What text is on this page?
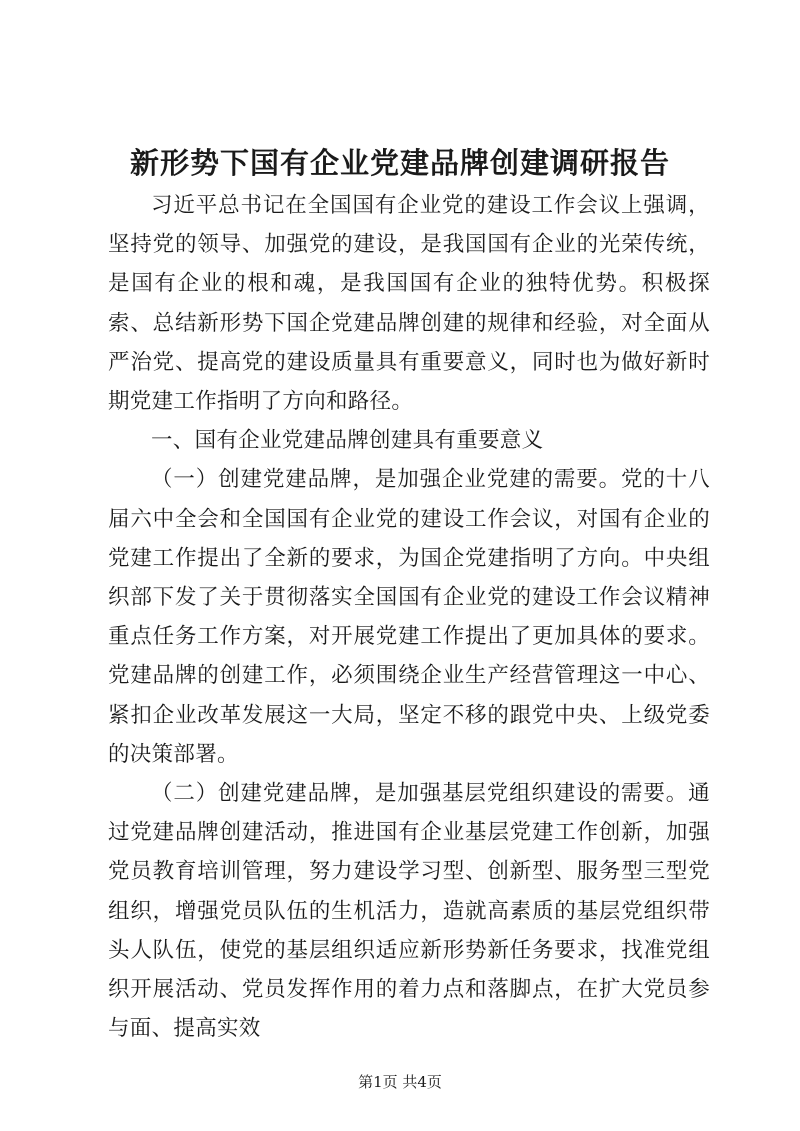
新形势下国有企业党建品牌创建调研报告

习近平总书记在全国国有企业党的建设工作会议上强调，坚持党的领导、加强党的建设，是我国国有企业的光荣传统，是国有企业的根和魂，是我国国有企业的独特优势。积极探索、总结新形势下国企党建品牌创建的规律和经验，对全面从严治党、提高党的建设质量具有重要意义，同时也为做好新时期党建工作指明了方向和路径。

一、国有企业党建品牌创建具有重要意义

（一）创建党建品牌，是加强企业党建的需要。党的十八届六中全会和全国国有企业党的建设工作会议，对国有企业的党建工作提出了全新的要求，为国企党建指明了方向。中央组织部下发了关于贯彻落实全国国有企业党的建设工作会议精神重点任务工作方案，对开展党建工作提出了更加具体的要求。党建品牌的创建工作，必须围绕企业生产经营管理这一中心、紧扣企业改革发展这一大局，坚定不移的跟党中央、上级党委的决策部署。

（二）创建党建品牌，是加强基层党组织建设的需要。通过党建品牌创建活动，推进国有企业基层党建工作创新，加强党员教育培训管理，努力建设学习型、创新型、服务型三型党组织，增强党员队伍的生机活力，造就高素质的基层党组织带头人队伍，使党的基层组织适应新形势新任务要求，找准党组织开展活动、党员发挥作用的着力点和落脚点，在扩大党员参与面、提高实效

第1页 共4页
